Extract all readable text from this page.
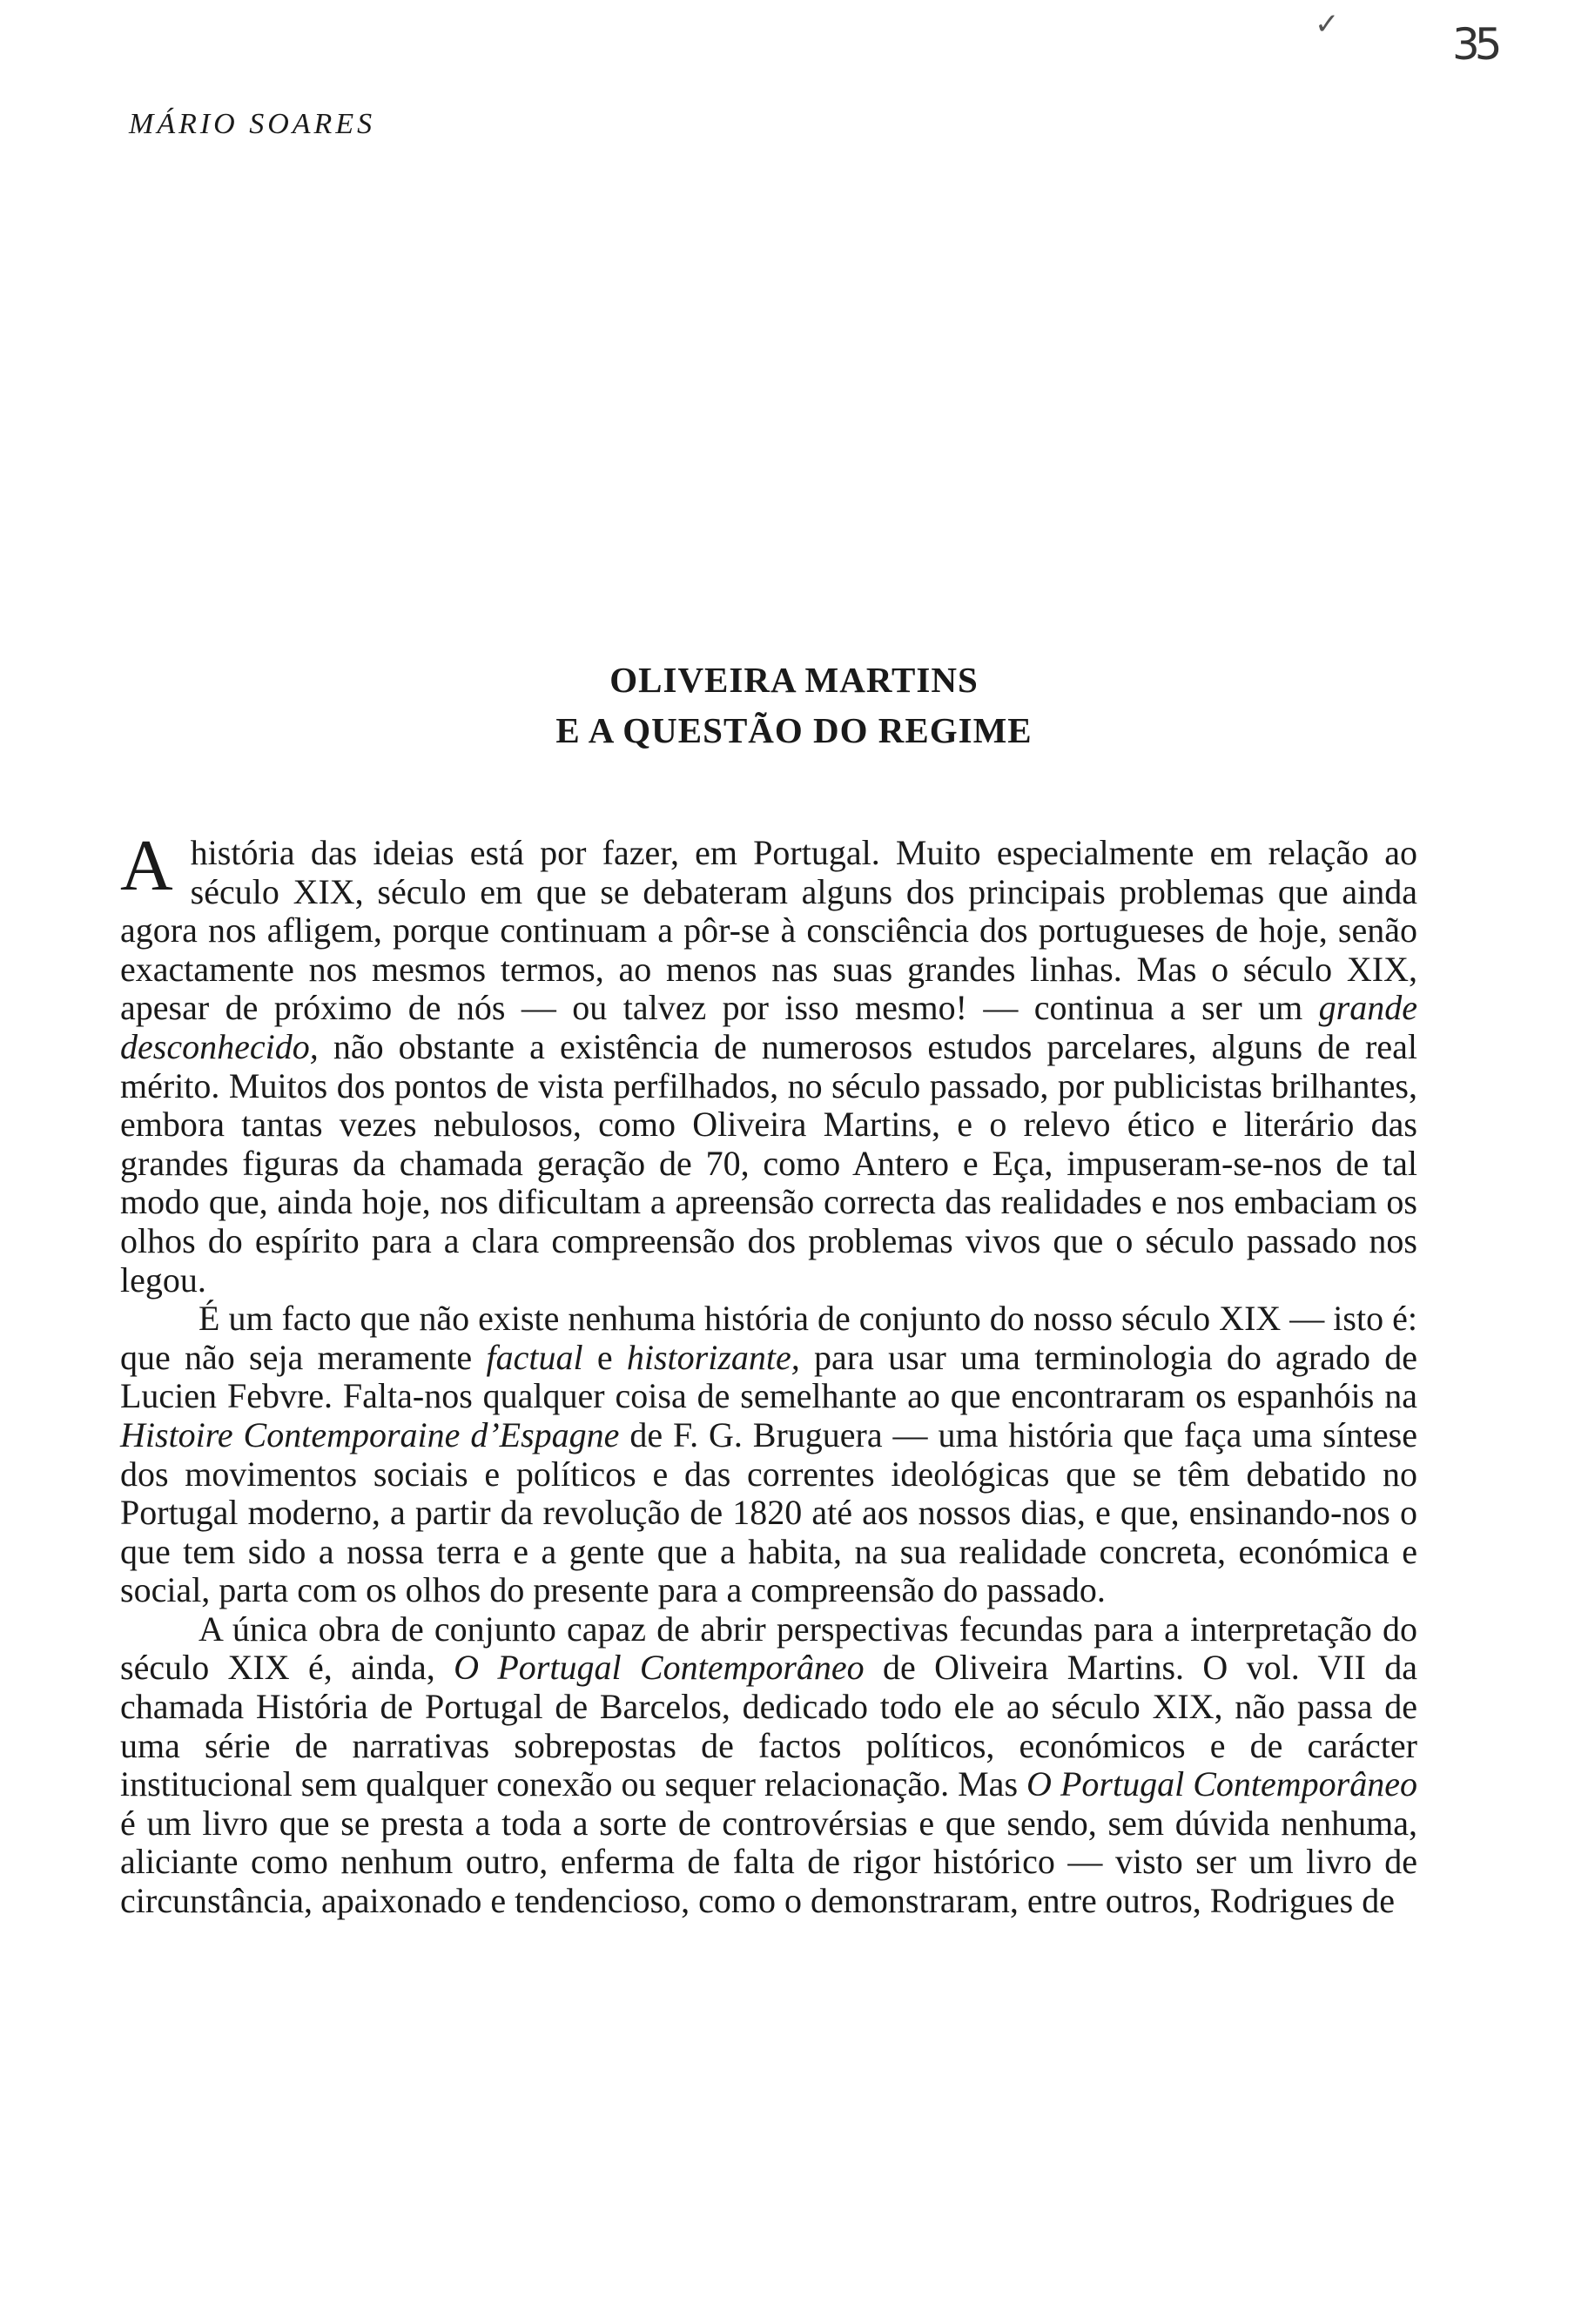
✓	35
MÁRIO SOARES
OLIVEIRA MARTINS
E A QUESTÃO DO REGIME

Ahistória das ideias está por fazer, em Portugal. Muito especialmente em relação ao século XIX, século em que se debateram alguns dos principais problemas que ainda agora nos afligem, porque continuam a pôr-se à consciência dos portugueses de hoje, senão exactamente nos mesmos termos, ao menos nas suas grandes linhas. Mas o século XIX, apesar de próximo de nós — ou talvez por isso mesmo! — continua a ser um grande desconhecido, não obstante a existência de numerosos estudos parcelares, alguns de real mérito. Muitos dos pontos de vista perfilhados, no século passado, por publicistas brilhantes, embora tantas vezes nebulosos, como Oliveira Martins, e o relevo ético e literário das grandes figuras da chamada geração de 70, como Antero e Eça, impuseram-se-nos de tal modo que, ainda hoje, nos dificultam a apreensão correcta das realidades e nos embaciam os olhos do espírito para a clara compreensão dos problemas vivos que o século passado nos legou.

É um facto que não existe nenhuma história de conjunto do nosso século XIX — isto é: que não seja meramente factual e historizante, para usar uma terminologia do agrado de Lucien Febvre. Falta-nos qualquer coisa de semelhante ao que encontraram os espanhóis na Histoire Contemporaine d’Espagne de F. G. Bruguera — uma história que faça uma síntese dos movimentos sociais e políticos e das correntes ideológicas que se têm debatido no Portugal moderno, a partir da revolução de 1820 até aos nossos dias, e que, ensinando-nos o que tem sido a nossa terra e a gente que a habita, na sua realidade concreta, económica e social, parta com os olhos do presente para a compreensão do passado.

A única obra de conjunto capaz de abrir perspectivas fecundas para a interpretação do século XIX é, ainda, O Portugal Contemporâneo de Oliveira Martins. O vol. VII da chamada História de Portugal de Barcelos, dedicado todo ele ao século XIX, não passa de uma série de narrativas sobrepostas de factos políticos, económicos e de carácter institucional sem qualquer conexão ou sequer relacionação. Mas O Portugal Contemporâneo é um livro que se presta a toda a sorte de controvérsias e que sendo, sem dúvida nenhuma, aliciante como nenhum outro, enferma de falta de rigor histórico — visto ser um livro de circunstância, apaixonado e tendencioso, como o demonstraram, entre outros, Rodrigues de
